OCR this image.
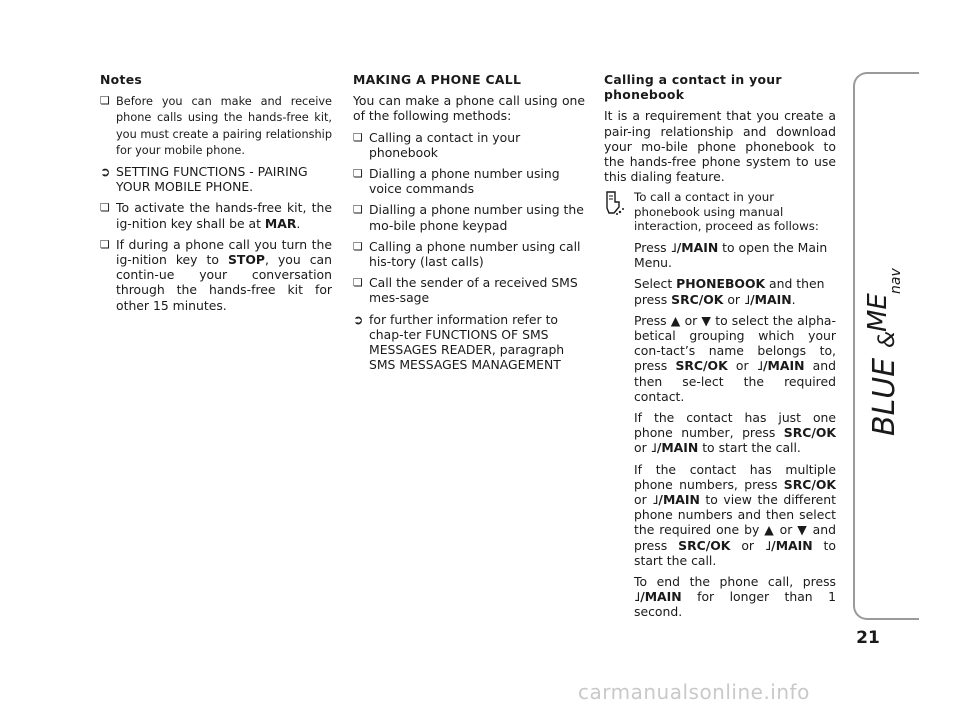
Notes

❏ Before you can make and receive phone calls using the hands-free kit, you must create a pairing relationship for your mobile phone.

➲ SETTING FUNCTIONS - PAIRING YOUR MOBILE PHONE.

❏ To activate the hands-free kit, the ig-nition key shall be at MAR.

❏ If during a phone call you turn the ig-nition key to STOP, you can contin-ue your conversation through the hands-free kit for other 15 minutes.

MAKING A PHONE CALL

You can make a phone call using one of the following methods:

❏ Calling a contact in your phonebook

❏ Dialling a phone number using voice commands

❏ Dialling a phone number using the mo-bile phone keypad

❏ Calling a phone number using call his-tory (last calls)

❏ Call the sender of a received SMS mes-sage

➲ for further information refer to chap-ter FUNCTIONS OF SMS MESSAGES READER, paragraph SMS MESSAGES MANAGEMENT

Calling a contact in your phonebook

It is a requirement that you create a pair-ing relationship and download your mo-bile phone phonebook to the hands-free phone system to use this dialing feature.

To call a contact in your phonebook using manual interaction, proceed as follows:

Press ˩/MAIN to open the Main Menu.

Select PHONEBOOK and then press SRC/OK or ˩/MAIN.

Press ▲ or ▼ to select the alpha-betical grouping which your con-tact’s name belongs to, press SRC/OK or ˩/MAIN and then se-lect the required contact.

If the contact has just one phone number, press SRC/OK or ˩/MAIN to start the call.

If the contact has multiple phone numbers, press SRC/OK or ˩/MAIN to view the different phone numbers and then select the required one by ▲ or ▼ and press SRC/OK or ˩/MAIN to start the call.

To end the phone call, press ˩/MAIN for longer than 1 second.

BLUE
&
ME
nav
21
carmanualsonline.info
